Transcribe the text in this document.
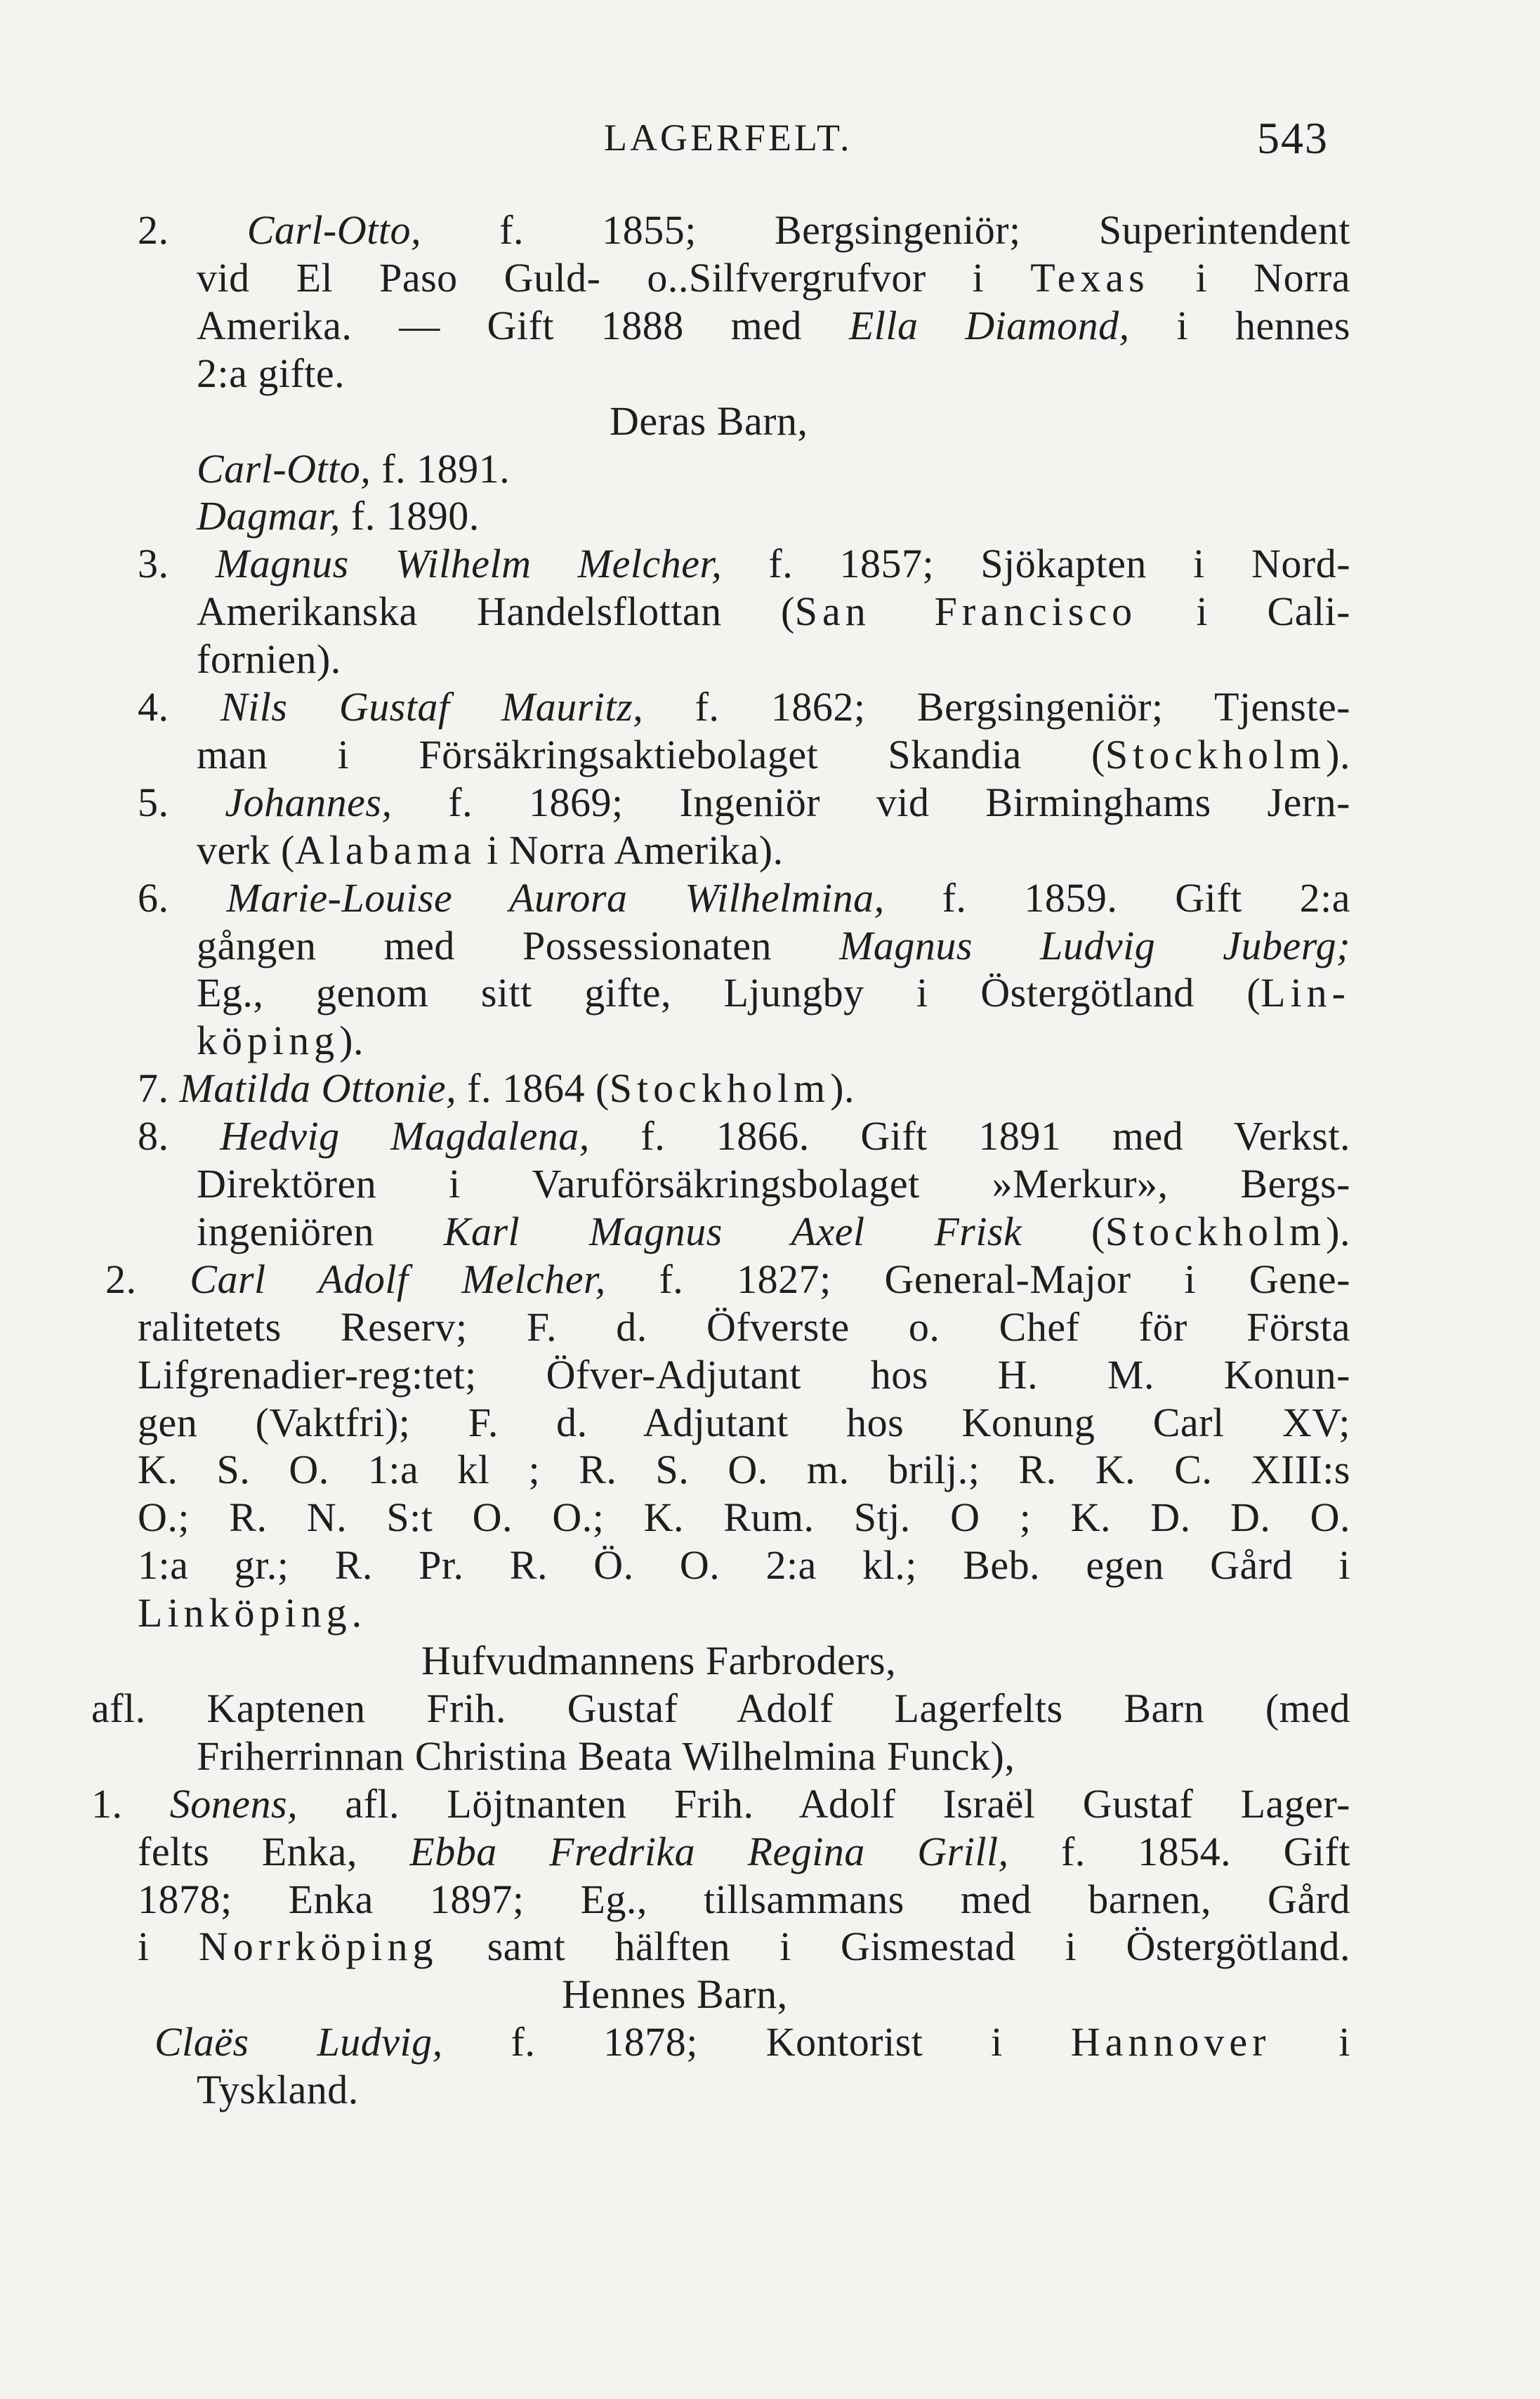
LAGERFELT.	543
2. Carl-Otto, f. 1855; Bergsingeniör; Superintendent
vid El Paso Guld- o..Silfvergrufvor i Texas i Norra
Amerika. — Gift 1888 med Ella Diamond, i hennes
2:a gifte.
Deras Barn,
Carl-Otto, f. 1891.
Dagmar, f. 1890.
3. Magnus Wilhelm Melcher, f. 1857; Sjökapten i Nord-
Amerikanska Handelsflottan (San Francisco i Cali-
fornien).
4. Nils Gustaf Mauritz, f. 1862; Bergsingeniör; Tjenste-
man i Försäkringsaktiebolaget Skandia (Stockholm).
5. Johannes, f. 1869; Ingeniör vid Birminghams Jern-
verk (Alabama i Norra Amerika).
6. Marie-Louise Aurora Wilhelmina, f. 1859. Gift 2:a
gången med Possessionaten Magnus Ludvig Juberg;
Eg., genom sitt gifte, Ljungby i Östergötland (Lin-
köping).
7. Matilda Ottonie, f. 1864 (Stockholm).
8. Hedvig Magdalena, f. 1866. Gift 1891 med Verkst.
Direktören i Varuförsäkringsbolaget »Merkur», Bergs-
ingeniören Karl Magnus Axel Frisk (Stockholm).
2. Carl Adolf Melcher, f. 1827; General-Major i Gene-
ralitetets Reserv; F. d. Öfverste o. Chef för Första
Lifgrenadier-reg:tet; Öfver-Adjutant hos H. M. Konun-
gen (Vaktfri); F. d. Adjutant hos Konung Carl XV;
K. S. O. 1:a kl ; R. S. O. m. brilj.; R. K. C. XIII:s
O.; R. N. S:t O. O.; K. Rum. Stj. O ; K. D. D. O.
1:a gr.; R. Pr. R. Ö. O. 2:a kl.; Beb. egen Gård i
Linköping.
Hufvudmannens Farbroders,
afl. Kaptenen Frih. Gustaf Adolf Lagerfelts Barn (med
Friherrinnan Christina Beata Wilhelmina Funck),
1. Sonens, afl. Löjtnanten Frih. Adolf Israël Gustaf Lager-
felts Enka, Ebba Fredrika Regina Grill, f. 1854. Gift
1878; Enka 1897; Eg., tillsammans med barnen, Gård
i Norrköping samt hälften i Gismestad i Östergötland.
Hennes Barn,
Claës Ludvig, f. 1878; Kontorist i Hannover i
Tyskland.
